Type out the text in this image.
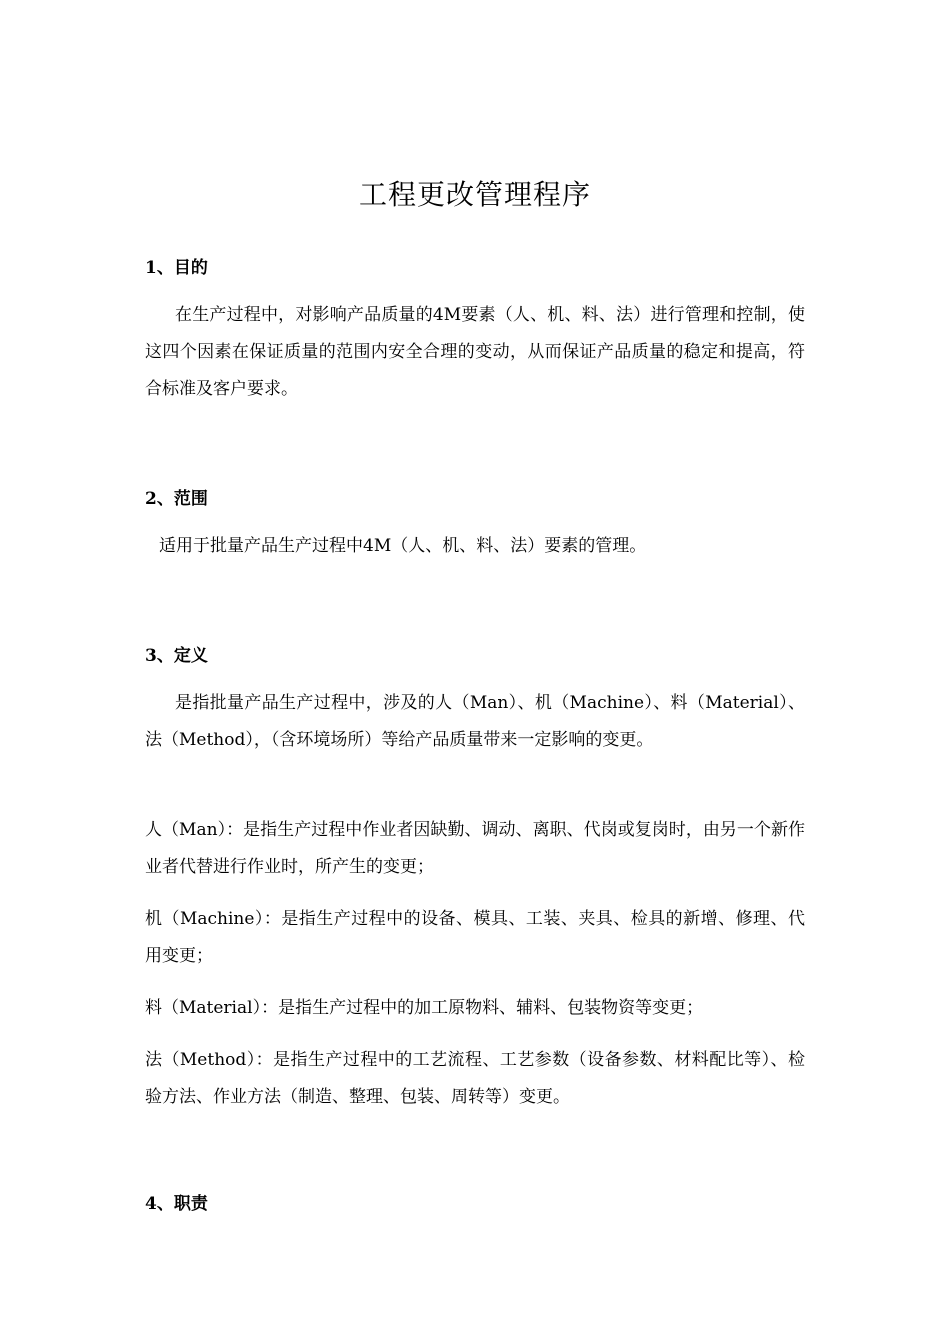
工程更改管理程序
1、目的

在生产过程中，对影响产品质量的4M要素（人、机、料、法）进行管理和控制，使这四个因素在保证质量的范围内安全合理的变动，从而保证产品质量的稳定和提高，符合标准及客户要求。

2、范围

适用于批量产品生产过程中4M（人、机、料、法）要素的管理。

3、定义

是指批量产品生产过程中，涉及的人（Man）、机（Machine）、料（Material）、法（Method），（含环境场所）等给产品质量带来一定影响的变更。

人（Man）：是指生产过程中作业者因缺勤、调动、离职、代岗或复岗时，由另一个新作业者代替进行作业时，所产生的变更；

机（Machine）：是指生产过程中的设备、模具、工装、夹具、检具的新增、修理、代用变更；

料（Material）：是指生产过程中的加工原物料、辅料、包装物资等变更；

法（Method）：是指生产过程中的工艺流程、工艺参数（设备参数、材料配比等）、检验方法、作业方法（制造、整理、包装、周转等）变更。

4、职责
